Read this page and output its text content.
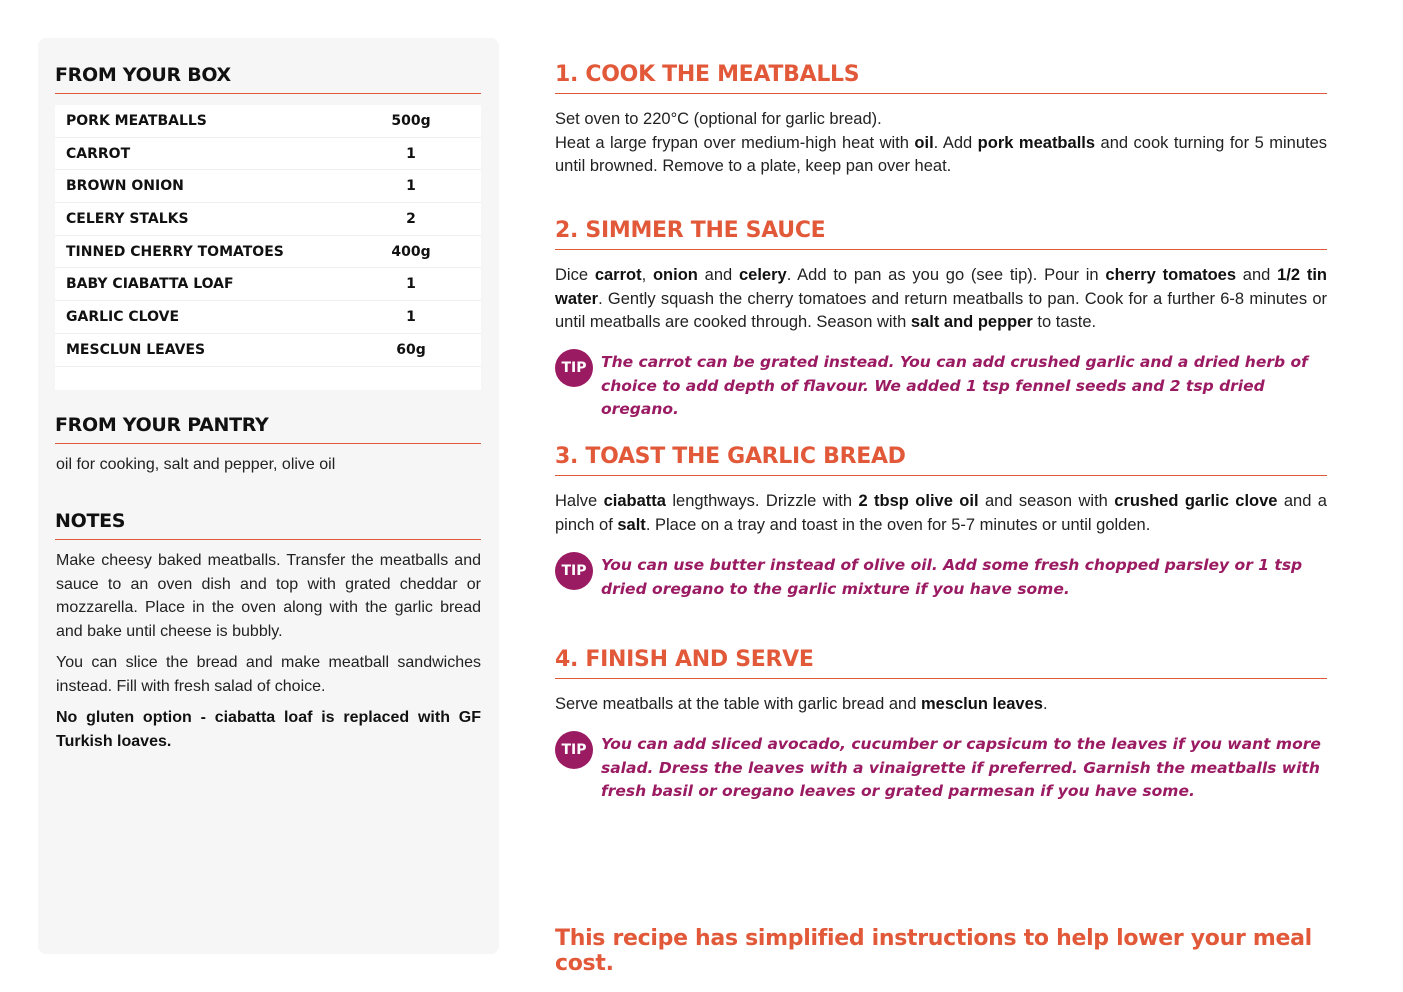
FROM YOUR BOX
PORK MEATBALLS	500g
CARROT	1
BROWN ONION	1
CELERY STALKS	2
TINNED CHERRY TOMATOES	400g
BABY CIABATTA LOAF	1
GARLIC CLOVE	1
MESCLUN LEAVES	60g
FROM YOUR PANTRY
oil for cooking, salt and pepper, olive oil
NOTES

Make cheesy baked meatballs. Transfer the meatballs and sauce to an oven dish and top with grated cheddar or mozzarella. Place in the oven along with the garlic bread and bake until cheese is bubbly.

You can slice the bread and make meatball sandwiches instead. Fill with fresh salad of choice.

No gluten option - ciabatta loaf is replaced with GF Turkish loaves.

1. COOK THE MEATBALLS
Set oven to 220°C (optional for garlic bread).
Heat a large frypan over medium-high heat with oil. Add pork meatballs and cook turning for 5 minutes until browned. Remove to a plate, keep pan over heat.
2. SIMMER THE SAUCE
Dice carrot, onion and celery. Add to pan as you go (see tip). Pour in cherry tomatoes and 1/2 tin water. Gently squash the cherry tomatoes and return meatballs to pan. Cook for a further 6-8 minutes or until meatballs are cooked through. Season with salt and pepper to taste.
TIP The carrot can be grated instead. You can add crushed garlic and a dried herb of choice to add depth of flavour. We added 1 tsp fennel seeds and 2 tsp dried oregano.
3. TOAST THE GARLIC BREAD
Halve ciabatta lengthways. Drizzle with 2 tbsp olive oil and season with crushed garlic clove and a pinch of salt. Place on a tray and toast in the oven for 5-7 minutes or until golden.
TIP You can use butter instead of olive oil. Add some fresh chopped parsley or 1 tsp dried oregano to the garlic mixture if you have some.
4. FINISH AND SERVE
Serve meatballs at the table with garlic bread and mesclun leaves.
TIP You can add sliced avocado, cucumber or capsicum to the leaves if you want more salad. Dress the leaves with a vinaigrette if preferred. Garnish the meatballs with fresh basil or oregano leaves or grated parmesan if you have some.
This recipe has simplified instructions to help lower your meal cost.
